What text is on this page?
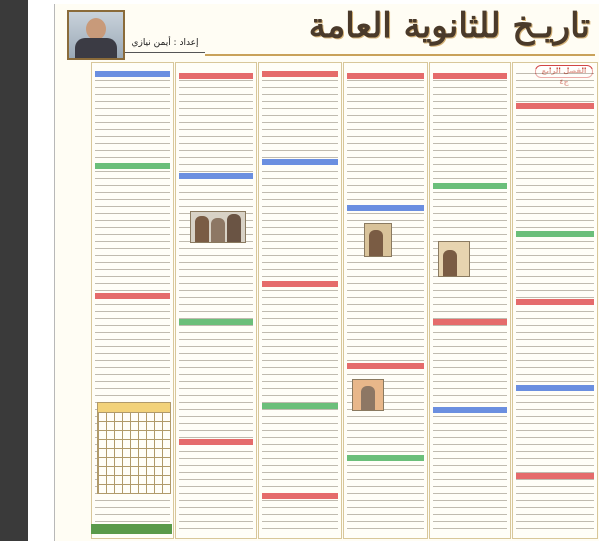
إعداد : أيمن نيازي	تاريـخ للثانوية العامة
